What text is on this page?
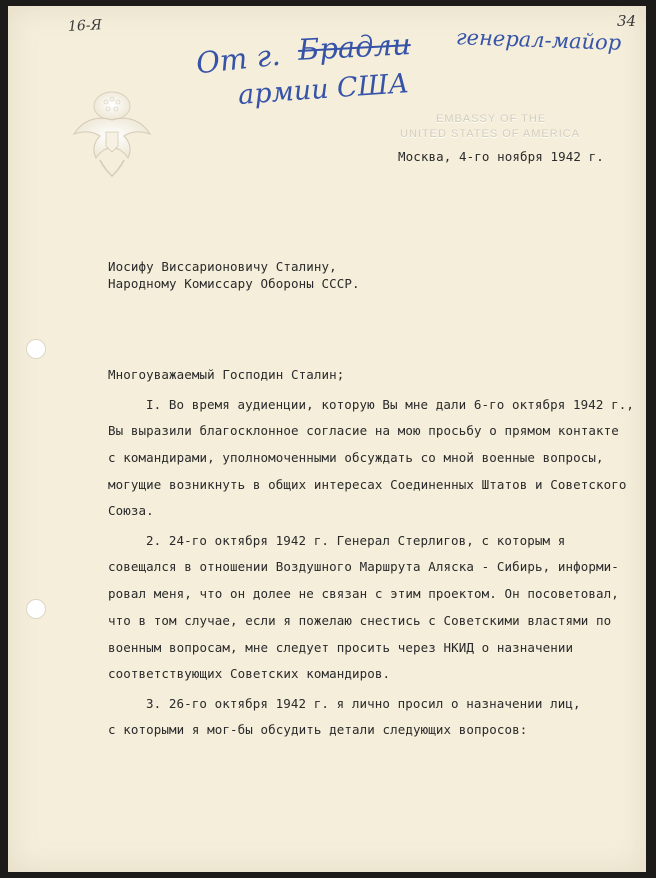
16-Я	34
От г. Брадли генерал-майор
армии США
EMBASSY OF THE
UNITED STATES OF AMERICA
Москва, 4-го ноября 1942 г.
Иосифу Виссарионовичу Сталину,
Народному Комиссару Обороны СССР.
Многоуважаемый Господин Сталин;
I. Во время аудиенции, которую Вы мне дали 6-го октября 1942 г.,
Вы выразили благосклонное согласие на мою просьбу о прямом контакте
с командирами, уполномоченными обсуждать со мной военные вопросы,
могущие возникнуть в общих интересах Соединенных Штатов и Советского
Союза.
2. 24-го октября 1942 г. Генерал Стерлигов, с которым я
совещался в отношении Воздушного Маршрута Аляска - Сибирь, информи-
ровал меня, что он долее не связан с этим проектом. Он посоветовал,
что в том случае, если я пожелаю снестись с Советскими властями по
военным вопросам, мне следует просить через НКИД о назначении
соответствующих Советских командиров.
3. 26-го октября 1942 г. я лично просил о назначении лиц,
с которыми я мог-бы обсудить детали следующих вопросов:
